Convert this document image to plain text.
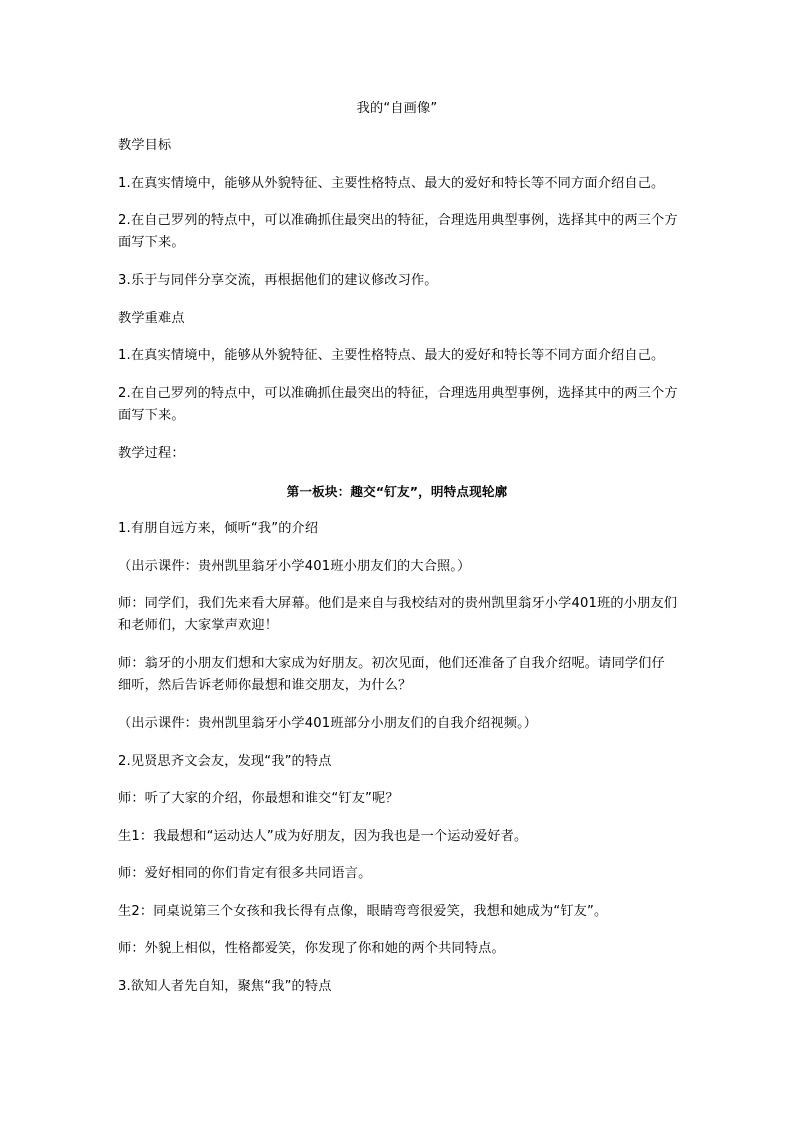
我的“自画像”

教学目标

1.在真实情境中，能够从外貌特征、主要性格特点、最大的爱好和特长等不同方面介绍自己。

2.在自己罗列的特点中，可以准确抓住最突出的特征，合理选用典型事例，选择其中的两三个方面写下来。

3.乐于与同伴分享交流，再根据他们的建议修改习作。

教学重难点

1.在真实情境中，能够从外貌特征、主要性格特点、最大的爱好和特长等不同方面介绍自己。

2.在自己罗列的特点中，可以准确抓住最突出的特征，合理选用典型事例，选择其中的两三个方面写下来。

教学过程：

第一板块：趣交“钉友”，明特点现轮廓

1.有朋自远方来，倾听“我”的介绍

（出示课件：贵州凯里翁牙小学401班小朋友们的大合照。）

师：同学们，我们先来看大屏幕。他们是来自与我校结对的贵州凯里翁牙小学401班的小朋友们和老师们，大家掌声欢迎！

师：翁牙的小朋友们想和大家成为好朋友。初次见面，他们还准备了自我介绍呢。请同学们仔细听，然后告诉老师你最想和谁交朋友，为什么？

（出示课件：贵州凯里翁牙小学401班部分小朋友们的自我介绍视频。）

2.见贤思齐文会友，发现“我”的特点

师：听了大家的介绍，你最想和谁交“钉友”呢？

生1：我最想和“运动达人”成为好朋友，因为我也是一个运动爱好者。

师：爱好相同的你们肯定有很多共同语言。

生2：同桌说第三个女孩和我长得有点像，眼睛弯弯很爱笑，我想和她成为“钉友”。

师：外貌上相似，性格都爱笑，你发现了你和她的两个共同特点。

3.欲知人者先自知，聚焦“我”的特点
